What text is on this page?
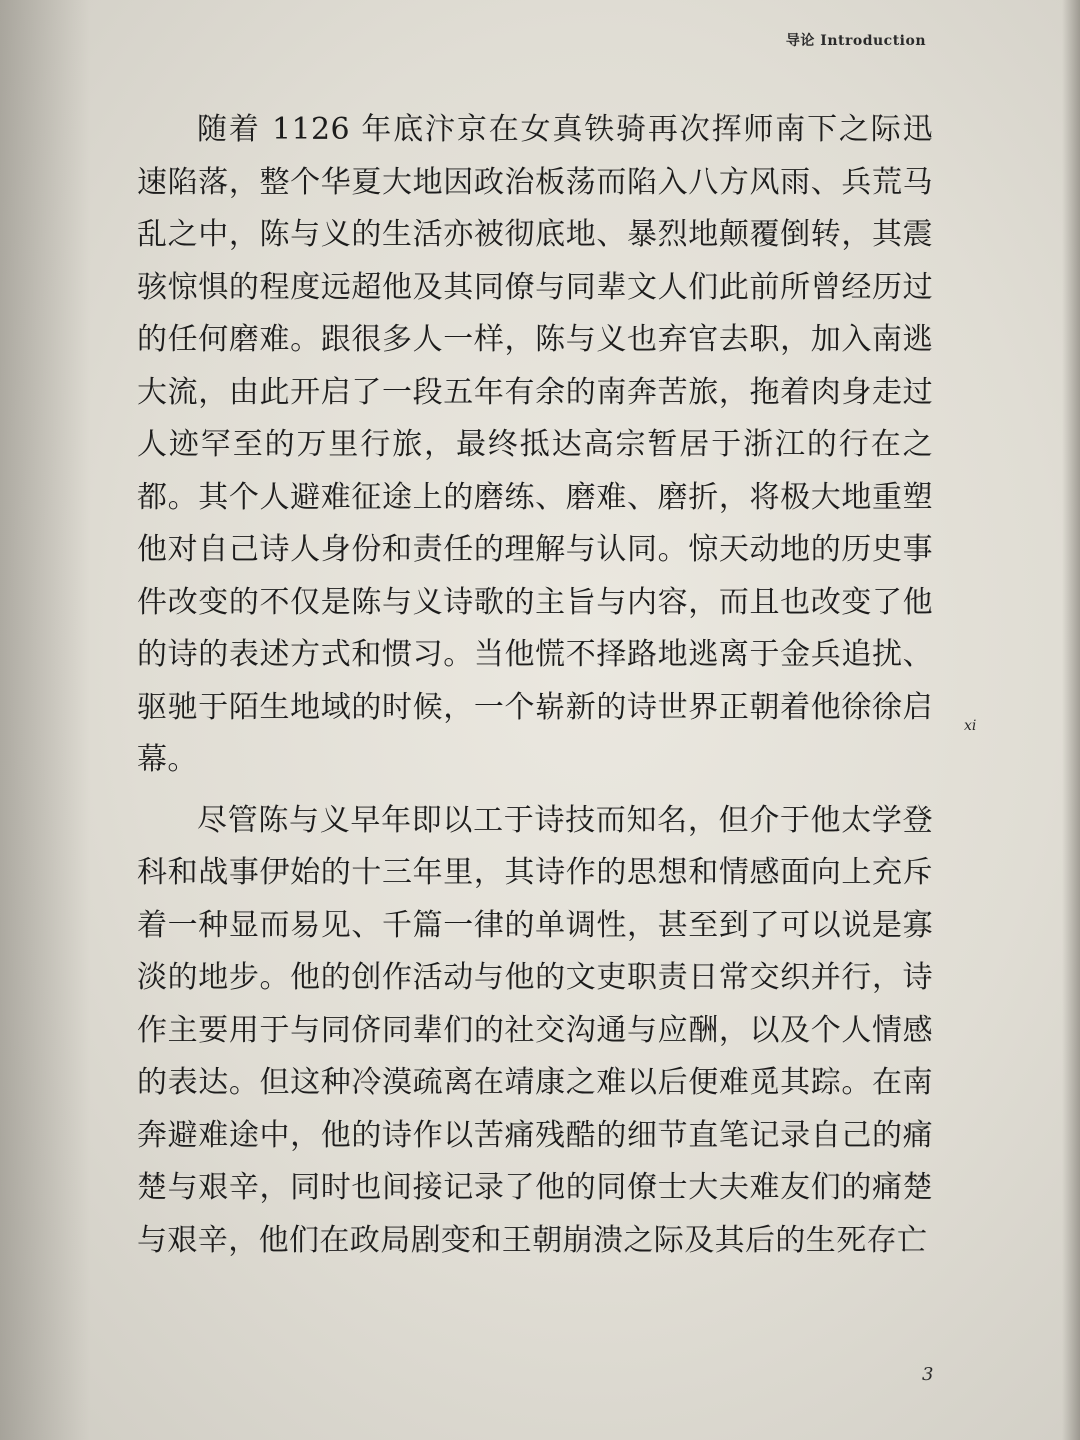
导论 Introduction

随着 1126 年底汴京在女真铁骑再次挥师南下之际迅速陷落，整个华夏大地因政治板荡而陷入八方风雨、兵荒马乱之中，陈与义的生活亦被彻底地、暴烈地颠覆倒转，其震骇惊惧的程度远超他及其同僚与同辈文人们此前所曾经历过的任何磨难。跟很多人一样，陈与义也弃官去职，加入南逃大流，由此开启了一段五年有余的南奔苦旅，拖着肉身走过人迹罕至的万里行旅，最终抵达高宗暂居于浙江的行在之都。其个人避难征途上的磨练、磨难、磨折，将极大地重塑他对自己诗人身份和责任的理解与认同。惊天动地的历史事件改变的不仅是陈与义诗歌的主旨与内容，而且也改变了他的诗的表述方式和惯习。当他慌不择路地逃离于金兵追扰、驱驰于陌生地域的时候，一个崭新的诗世界正朝着他徐徐启幕。

尽管陈与义早年即以工于诗技而知名，但介于他太学登科和战事伊始的十三年里，其诗作的思想和情感面向上充斥着一种显而易见、千篇一律的单调性，甚至到了可以说是寡淡的地步。他的创作活动与他的文吏职责日常交织并行，诗作主要用于与同侪同辈们的社交沟通与应酬，以及个人情感的表达。但这种冷漠疏离在靖康之难以后便难觅其踪。在南奔避难途中，他的诗作以苦痛残酷的细节直笔记录自己的痛楚与艰辛，同时也间接记录了他的同僚士大夫难友们的痛楚与艰辛，他们在政局剧变和王朝崩溃之际及其后的生死存亡

xi
3
